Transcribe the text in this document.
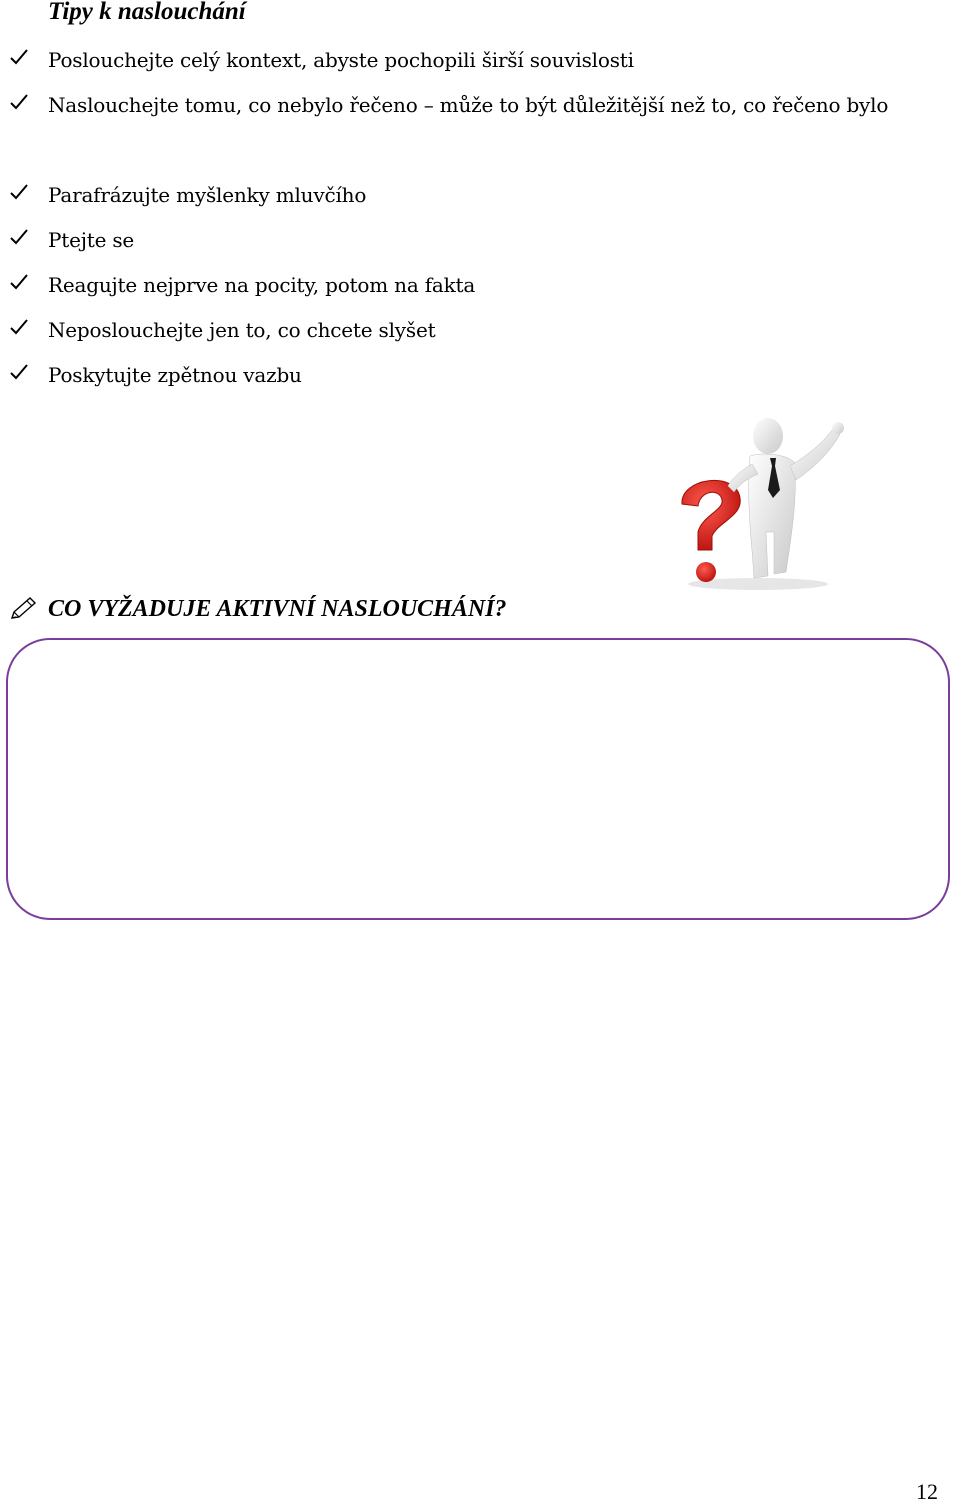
Tipy k naslouchání
Poslouchejte celý kontext, abyste pochopili širší souvislosti
Naslouchejte tomu, co nebylo řečeno – může to být důležitější než to, co řečeno bylo
Parafrázujte myšlenky mluvčího
Ptejte se
Reagujte nejprve na pocity, potom na fakta
Neposlouchejte jen to, co chcete slyšet
Poskytujte zpětnou vazbu
CO VYŽADUJE AKTIVNÍ NASLOUCHÁNÍ?
12
